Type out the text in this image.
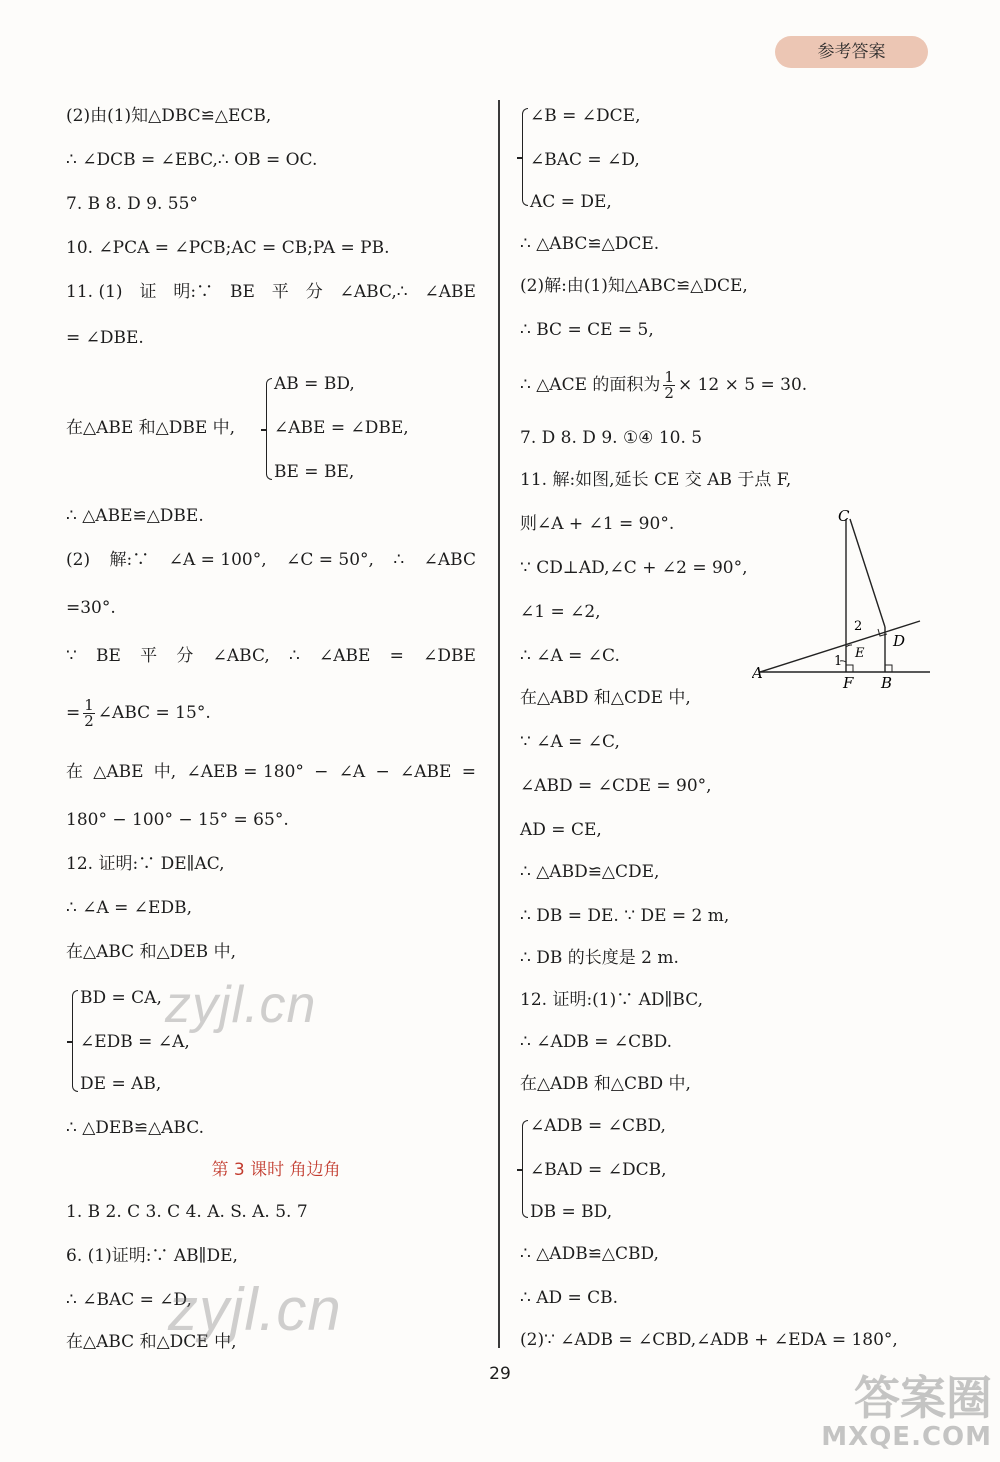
参考答案
(2)由(1)知△DBC≌△ECB,
∴ ∠DCB = ∠EBC,∴ OB = OC.
7. B 8. D 9. 55°
10. ∠PCA = ∠PCB;AC = CB;PA = PB.
11. (1) 证 明:∵ BE 平 分 ∠ABC,∴ ∠ABE
= ∠DBE.
在△ABE 和△DBE 中,
AB = BD,
∠ABE = ∠DBE,
BE = BE,
∴ △ABE≌△DBE.
(2) 解:∵ ∠A = 100°, ∠C = 50°, ∴ ∠ABC
=30°.
∵ BE 平 分 ∠ABC, ∴ ∠ABE = ∠DBE
= $\frac{1}{2}$ ∠ABC = 15°.
在 △ABE 中, ∠AEB = 180° − ∠A − ∠ABE =
180° − 100° − 15° = 65°.
12. 证明:∵ DE∥AC,
∴ ∠A = ∠EDB,
在△ABC 和△DEB 中,
BD = CA,
∠EDB = ∠A,
DE = AB,
∴ △DEB≌△ABC.
1. B 2. C 3. C 4. A. S. A. 5. 7
6. (1)证明:∵ AB∥DE,
∴ ∠BAC = ∠D,
在△ABC 和△DCE 中,
第 3 课时 角边角
∠B = ∠DCE,
∠BAC = ∠D,
AC = DE,
∴ △ABC≌△DCE.
(2)解:由(1)知△ABC≌△DCE,
∴ BC = CE = 5,
∴ △ACE 的面积为 $\frac{1}{2} \times 12 \times 5 = 30$.
7. D 8. D 9. ①④ 10. 5
11. 解:如图,延长 CE 交 AB 于点 F,
则∠A + ∠1 = 90°.
∵ CD⊥AD,∠C + ∠2 = 90°,
∠1 = ∠2,
∴ ∠A = ∠C.
在△ABD 和△CDE 中,
∵ ∠A = ∠C,
∠ABD = ∠CDE = 90°,
AD = CE,
∴ △ABD≌△CDE,
∴ DB = DE. ∵ DE = 2 m,
∴ DB 的长度是 2 m.
12. 证明:(1)∵ AD∥BC,
∴ ∠ADB = ∠CBD.
在△ADB 和△CBD 中,
∠ADB = ∠CBD,
∠BAD = ∠DCB,
DB = BD,
∴ △ADB≌△CBD,
∴ AD = CB.
(2)∵ ∠ADB = ∠CBD,∠ADB + ∠EDA = 180°,
C
D
E
A
F B
1
2
29
zyjl.cn
zyjl.cn
答案圈
MXQE.COM
